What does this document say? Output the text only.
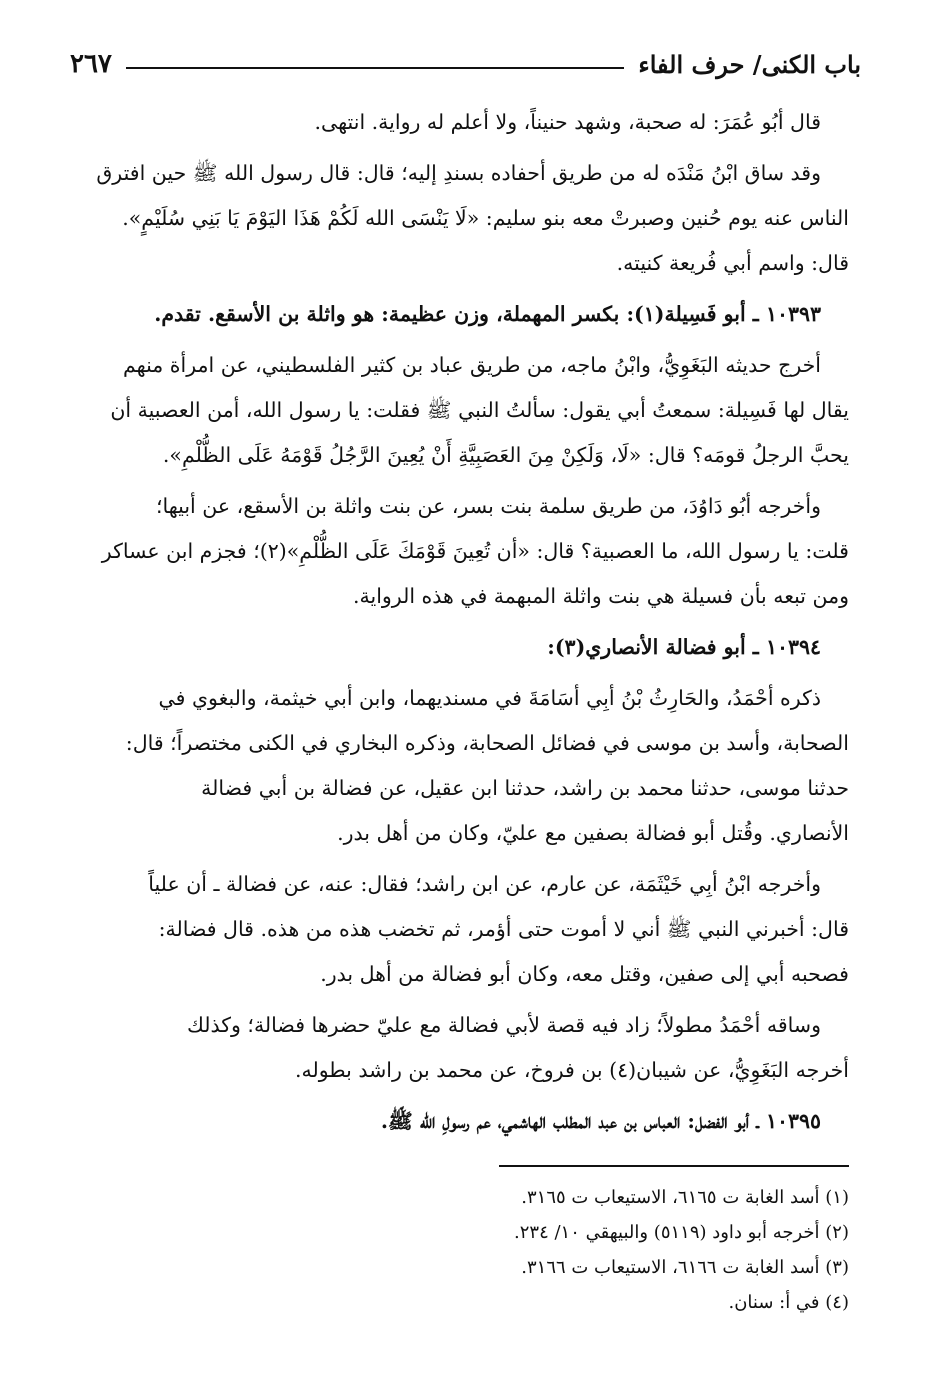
باب الكنى/ حرف الفاء
٢٦٧

قال أبُو عُمَرَ: له صحبة، وشهد حنيناً، ولا أعلم له رواية. انتهى.

وقد ساق ابْنُ مَنْدَه له من طريق أحفاده بسندِ إليه؛ قال: قال رسول الله ﷺ حين افترق
الناس عنه يوم حُنين وصبرتْ معه بنو سليم: «لَا يَنْسَى الله لَكُمْ هَذَا اليَوْمَ يَا بَنِي سُلَيْمٍ».
قال: واسم أبي فُريعة كنيته.

١٠٣٩٣ ـ أبو فَسِيلة(١): بكسر المهملة، وزن عظيمة: هو واثلة بن الأسقع. تقدم.

أخرج حديثه البَغَوِيُّ، وابْنُ ماجه، من طريق عباد بن كثير الفلسطيني، عن امرأة منهم
يقال لها فَسِيلة: سمعتُ أبي يقول: سألتُ النبي ﷺ فقلت: يا رسول الله، أمن العصبية أن
يحبَّ الرجلُ قومَه؟ قال: «لَا، وَلَكِنْ مِنَ العَصَبِيَّةِ أَنْ يُعِينَ الرَّجُلُ قَوْمَهُ عَلَى الظُّلْمِ».

وأخرجه أبُو دَاوُدَ، من طريق سلمة بنت بسر، عن بنت واثلة بن الأسقع، عن أبيها؛
قلت: يا رسول الله، ما العصبية؟ قال: «أن تُعِينَ قَوْمَكَ عَلَى الظُّلْمِ»(٢)؛ فجزم ابن عساكر
ومن تبعه بأن فسيلة هي بنت واثلة المبهمة في هذه الرواية.

١٠٣٩٤ ـ أبو فضالة الأنصاري(٣):

ذكره أحْمَدُ، والحَارِثُ بْنُ أبِي أسَامَةَ في مسنديهما، وابن أبي خيثمة، والبغوي في
الصحابة، وأسد بن موسى في فضائل الصحابة، وذكره البخاري في الكنى مختصراً؛ قال:
حدثنا موسى، حدثنا محمد بن راشد، حدثنا ابن عقيل، عن فضالة بن أبي فضالة
الأنصاري. وقُتل أبو فضالة بصفين مع عليّ، وكان من أهل بدر.

وأخرجه ابْنُ أبِي خَيْثَمَة، عن عارم، عن ابن راشد؛ فقال: عنه، عن فضالة ـ أن علياً
قال: أخبرني النبي ﷺ أني لا أموت حتى أؤمر، ثم تخضب هذه من هذه. قال فضالة:
فصحبه أبي إلى صفين، وقتل معه، وكان أبو فضالة من أهل بدر.

وساقه أحْمَدُ مطولاً؛ زاد فيه قصة لأبي فضالة مع عليّ حضرها فضالة؛ وكذلك
أخرجه البَغَوِيُّ، عن شيبان(٤) بن فروخ، عن محمد بن راشد بطوله.

١٠٣٩٥ ـ أبو الفضل: العباس بن عبد المطلب الهاشمي، عم رسولِ الله ﷺ.

(١) أسد الغابة ت ٦١٦٥، الاستيعاب ت ٣١٦٥.
(٢) أخرجه أبو داود (٥١١٩) والبيهقي ١٠/ ٢٣٤.
(٣) أسد الغابة ت ٦١٦٦، الاستيعاب ت ٣١٦٦.
(٤) في أ: سنان.
